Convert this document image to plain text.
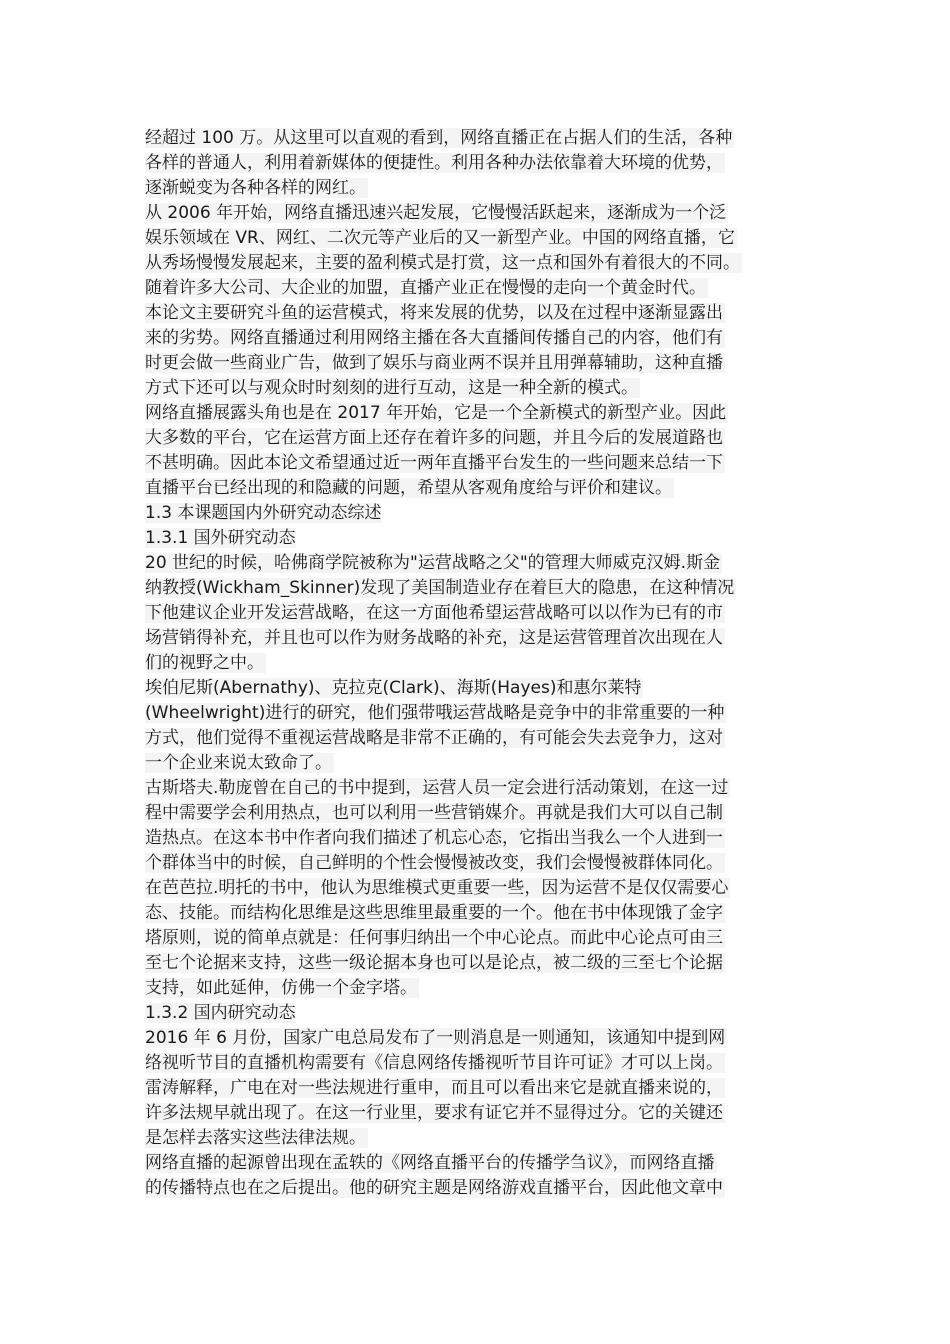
经超过 100 万。从这里可以直观的看到，网络直播正在占据人们的生活，各种
各样的普通人，利用着新媒体的便捷性。利用各种办法依靠着大环境的优势，
逐渐蜕变为各种各样的网红。
从 2006 年开始，网络直播迅速兴起发展，它慢慢活跃起来，逐渐成为一个泛
娱乐领域在 VR、网红、二次元等产业后的又一新型产业。中国的网络直播，它
从秀场慢慢发展起来，主要的盈利模式是打赏，这一点和国外有着很大的不同。
随着许多大公司、大企业的加盟，直播产业正在慢慢的走向一个黄金时代。
本论文主要研究斗鱼的运营模式，将来发展的优势，以及在过程中逐渐显露出
来的劣势。网络直播通过利用网络主播在各大直播间传播自己的内容，他们有
时更会做一些商业广告，做到了娱乐与商业两不误并且用弹幕辅助，这种直播
方式下还可以与观众时时刻刻的进行互动，这是一种全新的模式。
网络直播展露头角也是在 2017 年开始，它是一个全新模式的新型产业。因此
大多数的平台，它在运营方面上还存在着许多的问题，并且今后的发展道路也
不甚明确。因此本论文希望通过近一两年直播平台发生的一些问题来总结一下
直播平台已经出现的和隐藏的问题，希望从客观角度给与评价和建议。
1.3 本课题国内外研究动态综述
1.3.1 国外研究动态
20 世纪的时候，哈佛商学院被称为"运营战略之父"的管理大师威克汉姆.斯金
纳教授(Wickham_Skinner)发现了美国制造业存在着巨大的隐患，在这种情况
下他建议企业开发运营战略，在这一方面他希望运营战略可以以作为已有的市
场营销得补充，并且也可以作为财务战略的补充，这是运营管理首次出现在人
们的视野之中。
埃伯尼斯(Abernathy)、克拉克(Clark)、海斯(Hayes)和惠尔莱特
(Wheelwright)进行的研究，他们强带哦运营战略是竞争中的非常重要的一种
方式，他们觉得不重视运营战略是非常不正确的，有可能会失去竞争力，这对
一个企业来说太致命了。
古斯塔夫.勒庞曾在自己的书中提到，运营人员一定会进行活动策划，在这一过
程中需要学会利用热点，也可以利用一些营销媒介。再就是我们大可以自己制
造热点。在这本书中作者向我们描述了机忘心态，它指出当我么一个人进到一
个群体当中的时候，自己鲜明的个性会慢慢被改变，我们会慢慢被群体同化。
在芭芭拉.明托的书中，他认为思维模式更重要一些，因为运营不是仅仅需要心
态、技能。而结构化思维是这些思维里最重要的一个。他在书中体现饿了金字
塔原则，说的简单点就是：任何事归纳出一个中心论点。而此中心论点可由三
至七个论据来支持，这些一级论据本身也可以是论点，被二级的三至七个论据
支持，如此延伸，仿佛一个金字塔。
1.3.2 国内研究动态
2016 年 6 月份，国家广电总局发布了一则消息是一则通知，该通知中提到网
络视听节目的直播机构需要有《信息网络传播视听节目许可证》才可以上岗。
雷涛解释，广电在对一些法规进行重申，而且可以看出来它是就直播来说的，
许多法规早就出现了。在这一行业里，要求有证它并不显得过分。它的关键还
是怎样去落实这些法律法规。
网络直播的起源曾出现在孟轶的《网络直播平台的传播学刍议》，而网络直播
的传播特点也在之后提出。他的研究主题是网络游戏直播平台，因此他文章中
